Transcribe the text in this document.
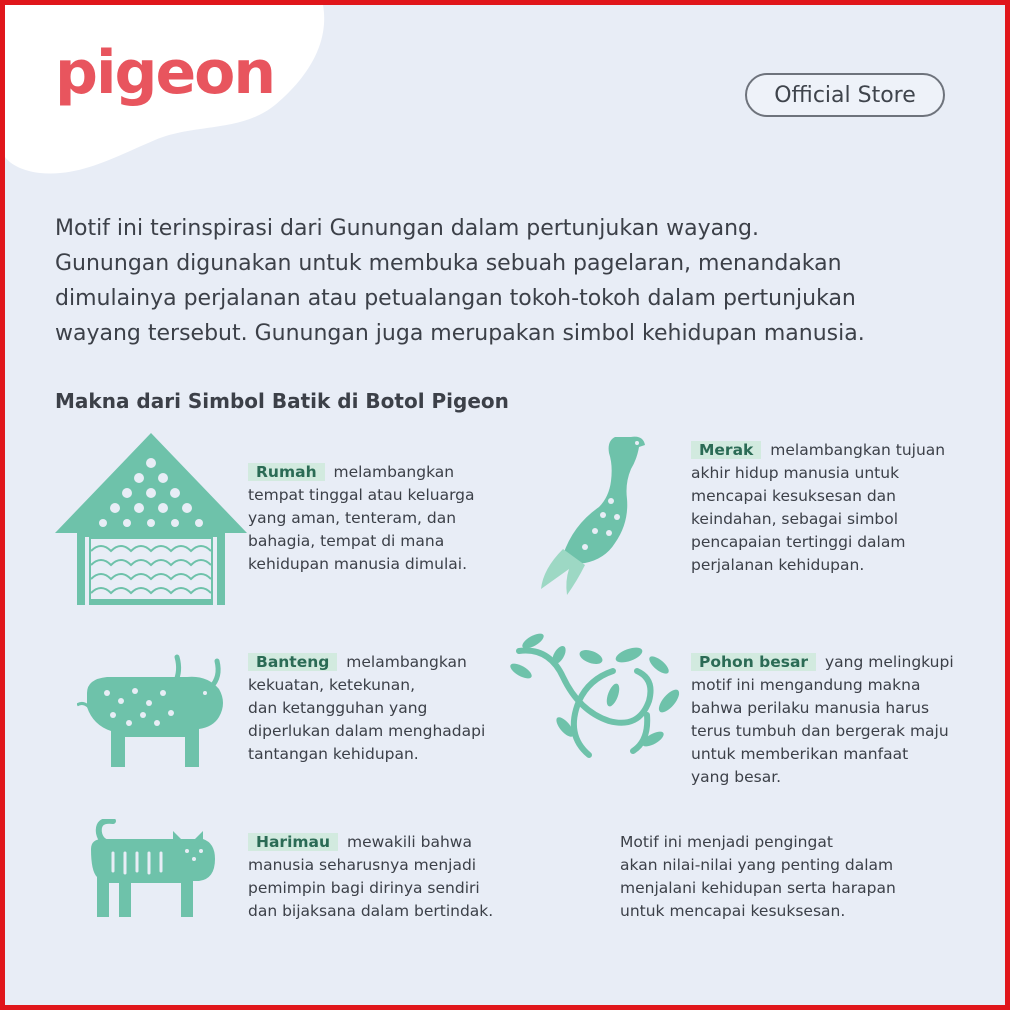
pigeon	Official Store

Motif ini terinspirasi dari Gunungan dalam pertunjukan wayang.
Gunungan digunakan untuk membuka sebuah pagelaran, menandakan
dimulainya perjalanan atau petualangan tokoh-tokoh dalam pertunjukan
wayang tersebut. Gunungan juga merupakan simbol kehidupan manusia.

Makna dari Simbol Batik di Botol Pigeon

Rumah melambangkan
tempat tinggal atau keluarga
yang aman, tenteram, dan
bahagia, tempat di mana
kehidupan manusia dimulai.

Merak melambangkan tujuan
akhir hidup manusia untuk
mencapai kesuksesan dan
keindahan, sebagai simbol
pencapaian tertinggi dalam
perjalanan kehidupan.

Banteng melambangkan
kekuatan, ketekunan,
dan ketangguhan yang
diperlukan dalam menghadapi
tantangan kehidupan.

Pohon besar yang melingkupi
motif ini mengandung makna
bahwa perilaku manusia harus
terus tumbuh dan bergerak maju
untuk memberikan manfaat
yang besar.

Harimau mewakili bahwa
manusia seharusnya menjadi
pemimpin bagi dirinya sendiri
dan bijaksana dalam bertindak.

Motif ini menjadi pengingat
akan nilai-nilai yang penting dalam
menjalani kehidupan serta harapan
untuk mencapai kesuksesan.
